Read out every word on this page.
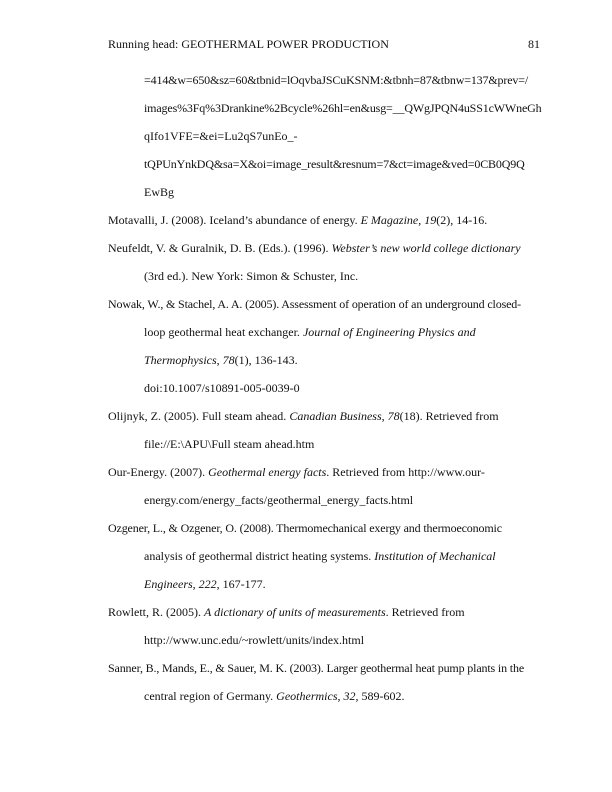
Running head: GEOTHERMAL POWER PRODUCTION	81
=414&w=650&sz=60&tbnid=lOqvbaJSCuKSNM:&tbnh=87&tbnw=137&prev=/
images%3Fq%3Drankine%2Bcycle%26hl=en&usg=__QWgJPQN4uSS1cWWneGh
qIfo1VFE=&ei=Lu2qS7unEo_-
tQPUnYnkDQ&sa=X&oi=image_result&resnum=7&ct=image&ved=0CB0Q9Q
EwBg
Motavalli, J. (2008). Iceland’s abundance of energy. E Magazine, 19(2), 14-16.
Neufeldt, V. & Guralnik, D. B. (Eds.). (1996). Webster’s new world college dictionary
(3rd ed.). New York: Simon & Schuster, Inc.
Nowak, W., & Stachel, A. A. (2005). Assessment of operation of an underground closed-
loop geothermal heat exchanger. Journal of Engineering Physics and
Thermophysics, 78(1), 136-143.
doi:10.1007/s10891-005-0039-0
Olijnyk, Z. (2005). Full steam ahead. Canadian Business, 78(18). Retrieved from
file://E:\APU\Full steam ahead.htm
Our-Energy. (2007). Geothermal energy facts. Retrieved from http://www.our-
energy.com/energy_facts/geothermal_energy_facts.html
Ozgener, L., & Ozgener, O. (2008). Thermomechanical exergy and thermoeconomic
analysis of geothermal district heating systems. Institution of Mechanical
Engineers, 222, 167-177.
Rowlett, R. (2005). A dictionary of units of measurements. Retrieved from
http://www.unc.edu/~rowlett/units/index.html
Sanner, B., Mands, E., & Sauer, M. K. (2003). Larger geothermal heat pump plants in the
central region of Germany. Geothermics, 32, 589-602.
